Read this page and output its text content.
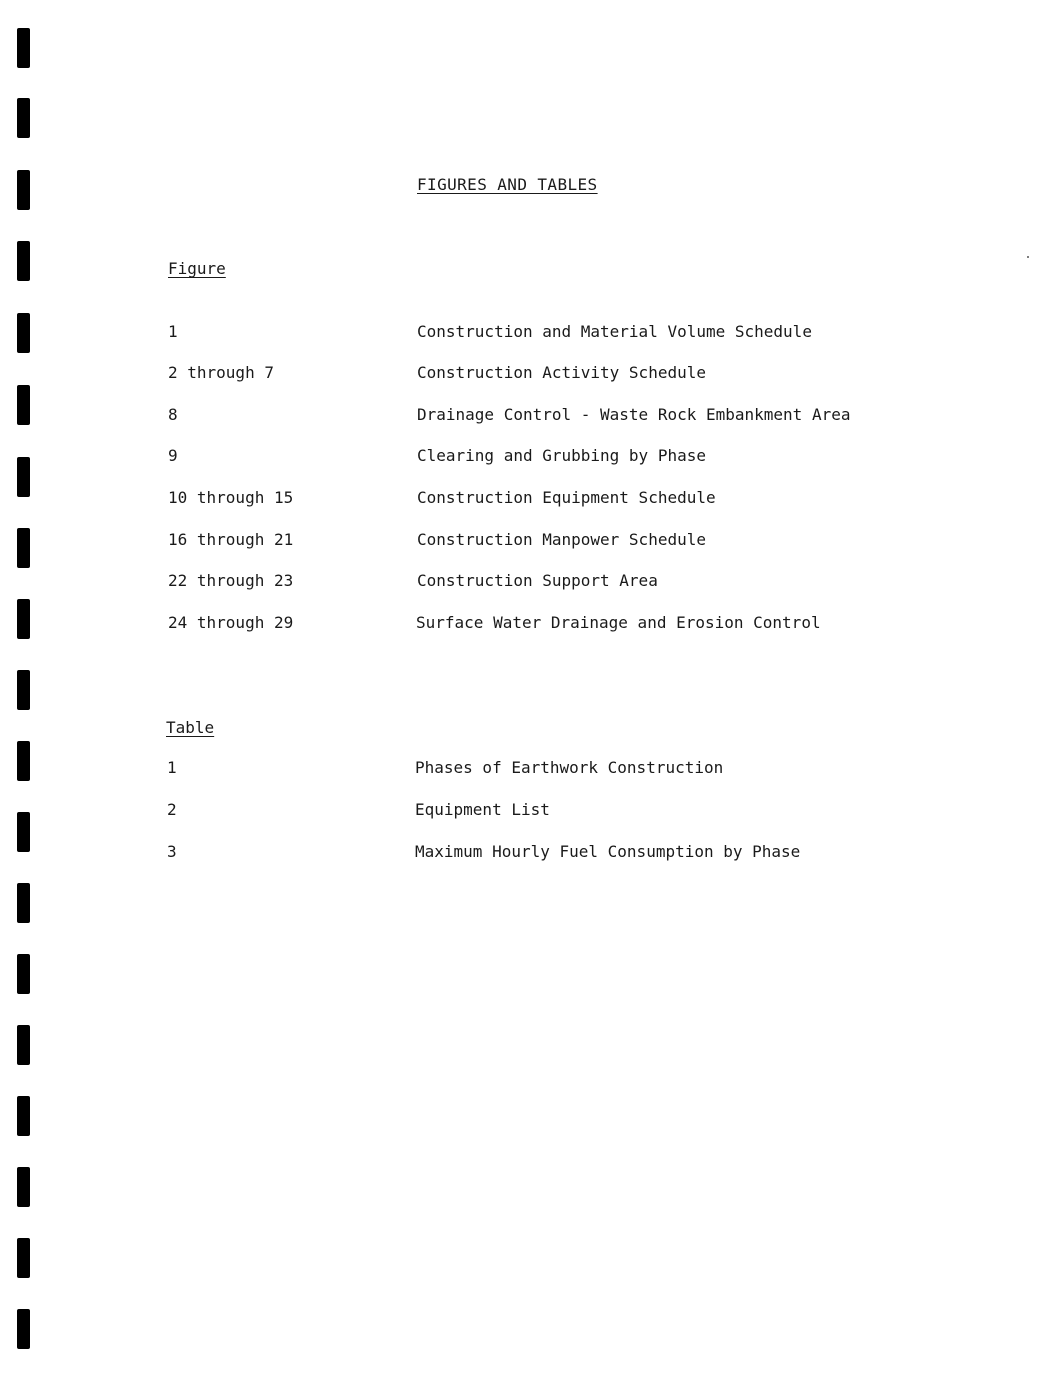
FIGURES AND TABLES
Figure
1	Construction and Material Volume Schedule
2 through 7	Construction Activity Schedule
8	Drainage Control - Waste Rock Embankment Area
9	Clearing and Grubbing by Phase
10 through 15	Construction Equipment Schedule
16 through 21	Construction Manpower Schedule
22 through 23	Construction Support Area
24 through 29	Surface Water Drainage and Erosion Control
Table
1	Phases of Earthwork Construction
2	Equipment List
3	Maximum Hourly Fuel Consumption by Phase
